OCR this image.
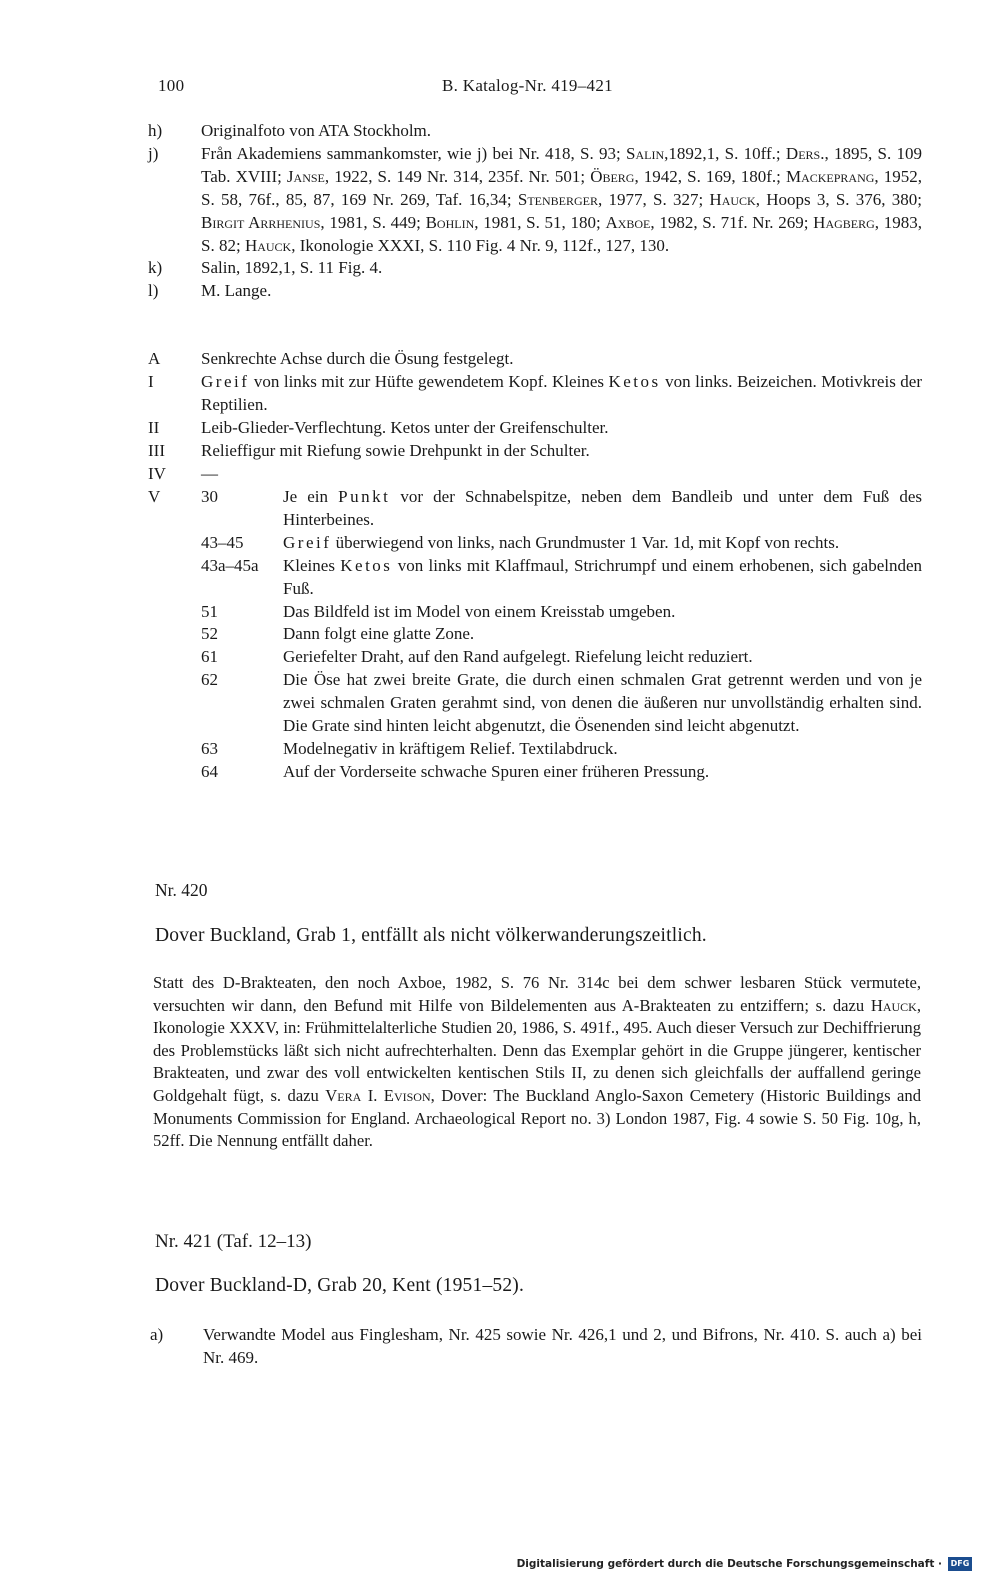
100	B. Katalog-Nr. 419–421
h)	Originalfoto von ATA Stockholm.
j)	Från Akademiens sammankomster, wie j) bei Nr. 418, S. 93; Salin,1892,1, S. 10ff.; Ders., 1895, S. 109 Tab. XVIII; Janse, 1922, S. 149 Nr. 314, 235f. Nr. 501; Öberg, 1942, S. 169, 180f.; Mackeprang, 1952, S. 58, 76f., 85, 87, 169 Nr. 269, Taf. 16,34; Stenberger, 1977, S. 327; Hauck, Hoops 3, S. 376, 380; Birgit Arrhenius, 1981, S. 449; Bohlin, 1981, S. 51, 180; Axboe, 1982, S. 71f. Nr. 269; Hagberg, 1983, S. 82; Hauck, Ikonologie XXXI, S. 110 Fig. 4 Nr. 9, 112f., 127, 130.
k)	Salin, 1892,1, S. 11 Fig. 4.
l)	M. Lange.
A	Senkrechte Achse durch die Ösung festgelegt.
I	Greif von links mit zur Hüfte gewendetem Kopf. Kleines Ketos von links. Beizeichen. Motivkreis der Reptilien.
II	Leib-Glieder-Verflechtung. Ketos unter der Greifenschulter.
III	Relieffigur mit Riefung sowie Drehpunkt in der Schulter.
IV	—
V	30	Je ein Punkt vor der Schnabelspitze, neben dem Bandleib und unter dem Fuß des Hinterbeines.
43–45	Greif überwiegend von links, nach Grundmuster 1 Var. 1d, mit Kopf von rechts.
43a–45a	Kleines Ketos von links mit Klaffmaul, Strichrumpf und einem erhobenen, sich gabelnden Fuß.
51	Das Bildfeld ist im Model von einem Kreisstab umgeben.
52	Dann folgt eine glatte Zone.
61	Geriefelter Draht, auf den Rand aufgelegt. Riefelung leicht reduziert.
62	Die Öse hat zwei breite Grate, die durch einen schmalen Grat getrennt werden und von je zwei schmalen Graten gerahmt sind, von denen die äußeren nur unvollständig erhalten sind. Die Grate sind hinten leicht abgenutzt, die Ösenenden sind leicht abgenutzt.
63	Modelnegativ in kräftigem Relief. Textilabdruck.
64	Auf der Vorderseite schwache Spuren einer früheren Pressung.
Nr. 420
Dover Buckland, Grab 1, entfällt als nicht völkerwanderungszeitlich.
Statt des D-Brakteaten, den noch Axboe, 1982, S. 76 Nr. 314c bei dem schwer lesbaren Stück vermutete, versuchten wir dann, den Befund mit Hilfe von Bildelementen aus A-Brakteaten zu entziffern; s. dazu Hauck, Ikonologie XXXV, in: Frühmittelalterliche Studien 20, 1986, S. 491f., 495. Auch dieser Versuch zur Dechiffrierung des Problemstücks läßt sich nicht aufrechterhalten. Denn das Exemplar gehört in die Gruppe jüngerer, kentischer Brakteaten, und zwar des voll entwickelten kentischen Stils II, zu denen sich gleichfalls der auffallend geringe Goldgehalt fügt, s. dazu Vera I. Evison, Dover: The Buckland Anglo-Saxon Cemetery (Historic Buildings and Monuments Commission for England. Archaeological Report no. 3) London 1987, Fig. 4 sowie S. 50 Fig. 10g, h, 52ff. Die Nennung entfällt daher.
Nr. 421 (Taf. 12–13)
Dover Buckland-D, Grab 20, Kent (1951–52).
a)	Verwandte Model aus Finglesham, Nr. 425 sowie Nr. 426,1 und 2, und Bifrons, Nr. 410. S. auch a) bei Nr. 469.
Digitalisierung gefördert durch die Deutsche Forschungsgemeinschaft ·	DFG
